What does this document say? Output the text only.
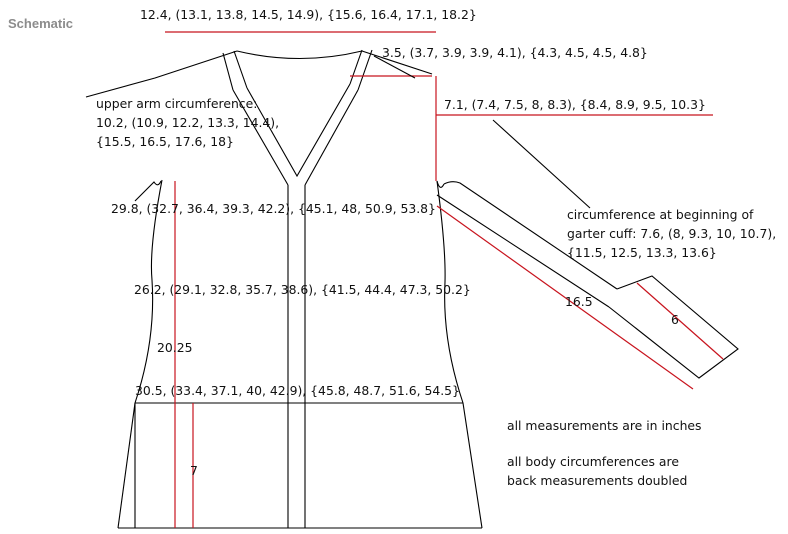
Schematic
12.4, (13.1, 13.8, 14.5, 14.9), {15.6, 16.4, 17.1, 18.2}
3.5, (3.7, 3.9, 3.9, 4.1), {4.3, 4.5, 4.5, 4.8}
7.1, (7.4, 7.5, 8, 8.3), {8.4, 8.9, 9.5, 10.3}
upper arm circumference:
10.2, (10.9, 12.2, 13.3, 14.4),
{15.5, 16.5, 17.6, 18}
29.8, (32.7, 36.4, 39.3, 42.2), {45.1, 48, 50.9, 53.8}	circumference at beginning of
garter cuff: 7.6, (8, 9.3, 10, 10.7),
{11.5, 12.5, 13.3, 13.6}
26.2, (29.1, 32.8, 35.7, 38.6), {41.5, 44.4, 47.3, 50.2}
16.5
6
20.25
30.5, (33.4, 37.1, 40, 42.9), {45.8, 48.7, 51.6, 54.5}
7
all measurements are in inches
all body circumferences are
back measurements doubled
